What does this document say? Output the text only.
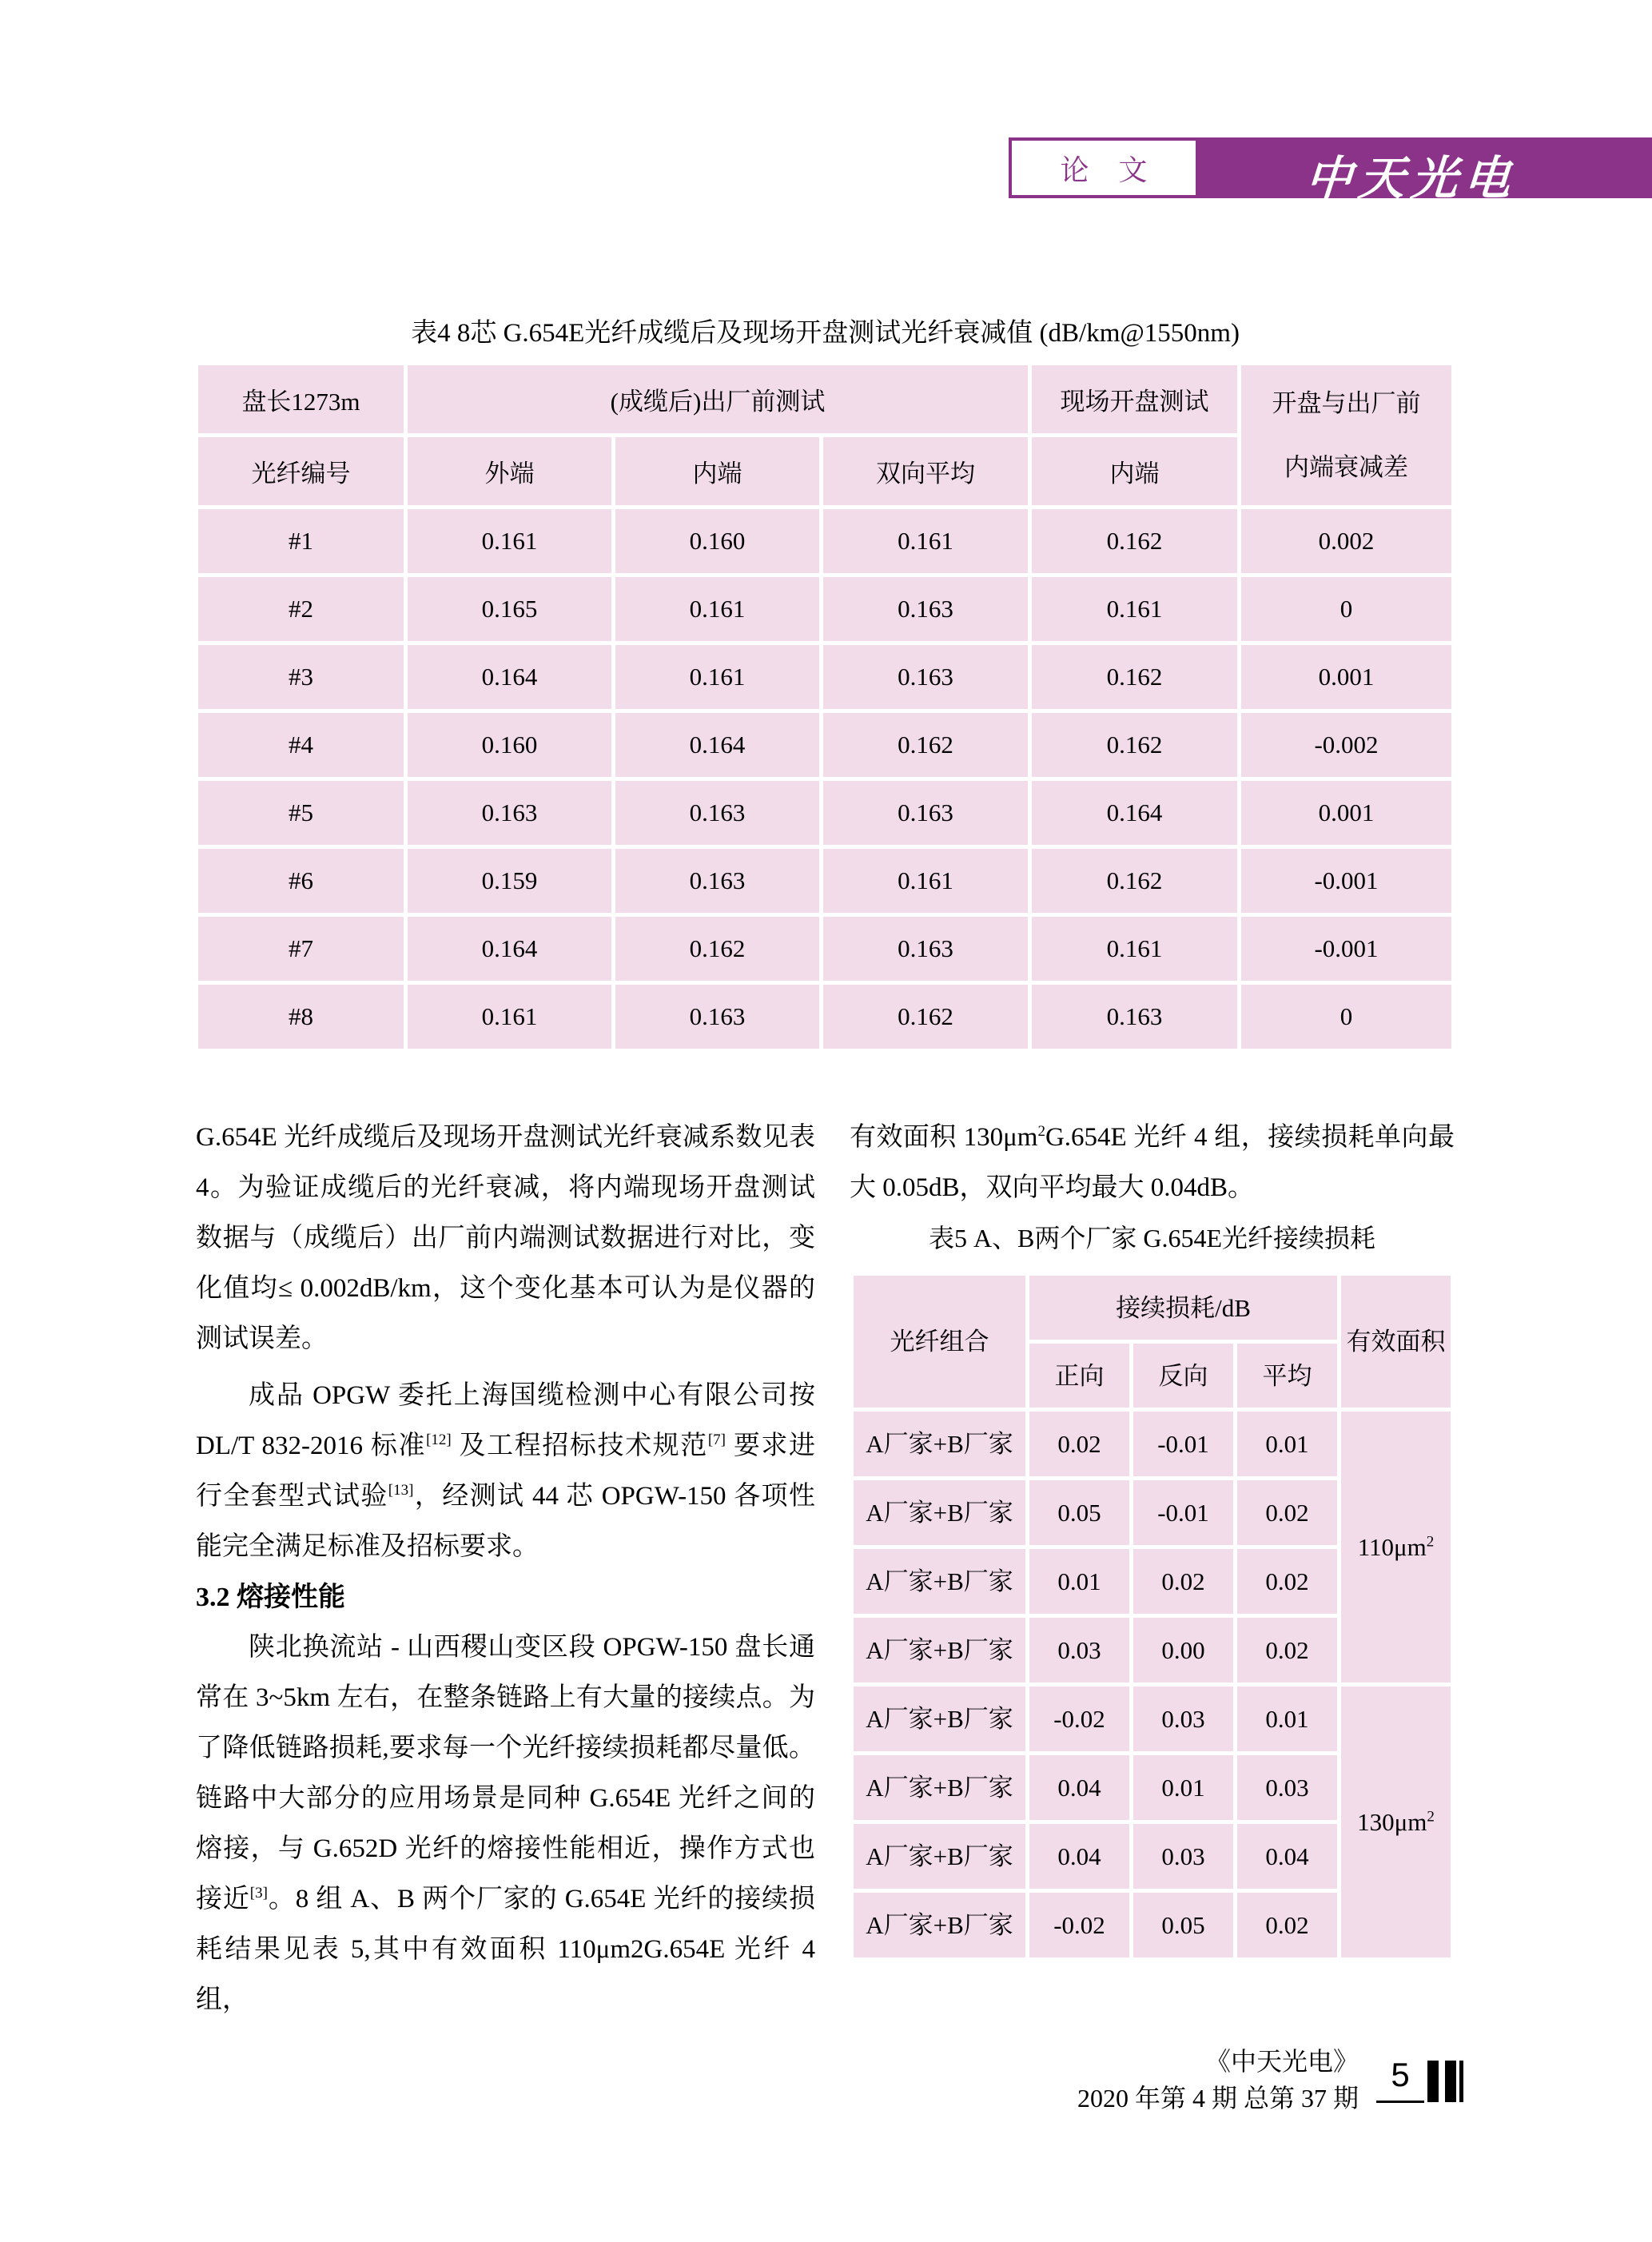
论 文	中天光电
表4 8芯 G.654E光纤成缆后及现场开盘测试光纤衰减值 (dB/km@1550nm)
盘长1273m	(成缆后)出厂前测试			现场开盘测试	开盘与出厂前
内端衰减差

光纤编号	外端	内端	双向平均	内端	
#1	0.161	0.160	0.161	0.162	0.002
#2	0.165	0.161	0.163	0.161	0
#3	0.164	0.161	0.163	0.162	0.001
#4	0.160	0.164	0.162	0.162	-0.002
#5	0.163	0.163	0.163	0.164	0.001
#6	0.159	0.163	0.161	0.162	-0.001
#7	0.164	0.162	0.163	0.161	-0.001
#8	0.161	0.163	0.162	0.163	0

G.654E 光纤成缆后及现场开盘测试光纤衰减系数见表4。为验证成缆后的光纤衰减，将内端现场开盘测试数据与（成缆后）出厂前内端测试数据进行对比，变化值均≤ 0.002dB/km，这个变化基本可认为是仪器的测试误差。

成品 OPGW 委托上海国缆检测中心有限公司按 DL/T 832-2016 标准[12] 及工程招标技术规范[7] 要求进行全套型式试验[13]，经测试 44 芯 OPGW-150 各项性能完全满足标准及招标要求。

3.2 熔接性能

陕北换流站 - 山西稷山变区段 OPGW-150 盘长通常在 3~5km 左右，在整条链路上有大量的接续点。为了降低链路损耗,要求每一个光纤接续损耗都尽量低。链路中大部分的应用场景是同种 G.654E 光纤之间的熔接，与 G.652D 光纤的熔接性能相近，操作方式也接近[3]。8 组 A、B 两个厂家的 G.654E 光纤的接续损耗结果见表 5,其中有效面积 110μm2G.654E 光纤 4 组，

有效面积 $130\mu m^2G.654E$ 光纤 4 组，接续损耗单向最大 0.05dB，双向平均最大 0.04dB。

表5 A、B两个厂家 G.654E光纤接续损耗

光纤组合	接续损耗/dB			有效面积
	正向	反向	平均	
A厂家+B厂家	0.02	-0.01	0.01	$110\mu m^2$
A厂家+B厂家	0.05	-0.01	0.02	
A厂家+B厂家	0.01	0.02	0.02	
A厂家+B厂家	0.03	0.00	0.02	
A厂家+B厂家	-0.02	0.03	0.01	$130\mu m^2$
A厂家+B厂家	0.04	0.01	0.03	
A厂家+B厂家	0.04	0.03	0.04	
A厂家+B厂家	-0.02	0.05	0.02	
《中天光电》
2020 年第 4 期 总第 37 期
5
